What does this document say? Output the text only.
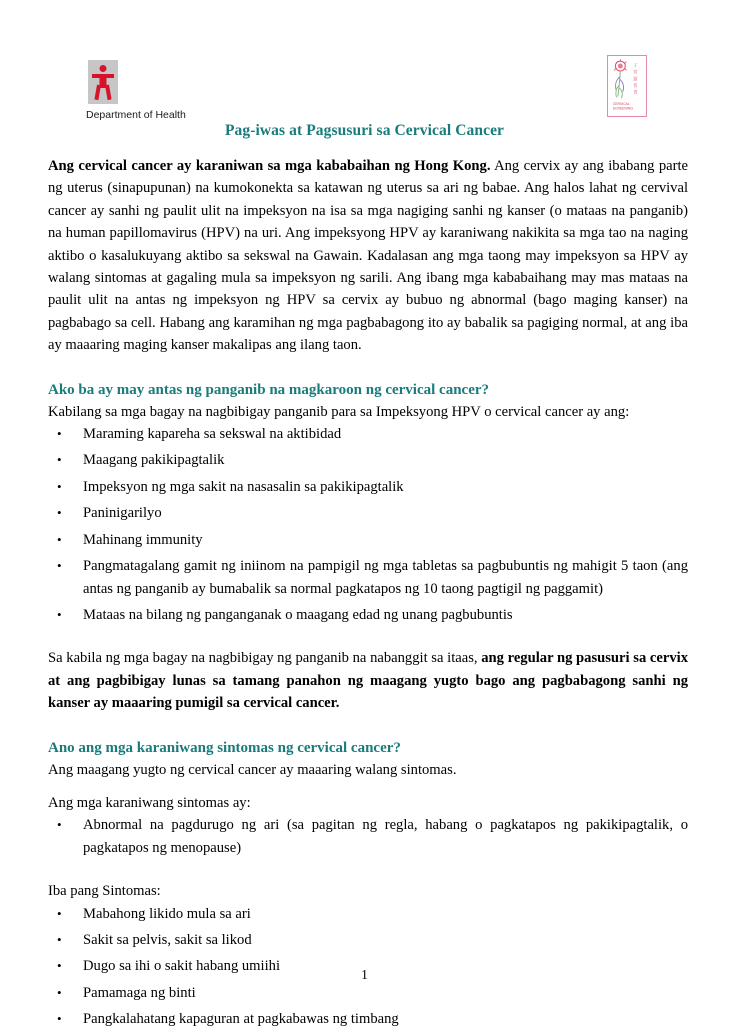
Department of Health
子
宮
頸
普
查
CERVICAL
SCREENING
Pag-iwas at Pagsusuri sa Cervical Cancer

Ang cervical cancer ay karaniwan sa mga kababaihan ng Hong Kong. Ang cervix ay ang ibabang parte ng uterus (sinapupunan) na kumokonekta sa katawan ng uterus sa ari ng babae. Ang halos lahat ng cervival cancer ay sanhi ng paulit ulit na impeksyon na isa sa mga nagiging sanhi ng kanser (o mataas na panganib) na human papillomavirus (HPV) na uri. Ang impeksyong HPV ay karaniwang nakikita sa mga tao na naging aktibo o kasalukuyang aktibo sa sekswal na Gawain. Kadalasan ang mga taong may impeksyon sa HPV ay walang sintomas at gagaling mula sa impeksyon ng sarili. Ang ibang mga kababaihang may mas mataas na paulit ulit na antas ng impeksyon ng HPV sa cervix ay bubuo ng abnormal (bago maging kanser) na pagbabago sa cell. Habang ang karamihan ng mga pagbabagong ito ay babalik sa pagiging normal, at ang iba ay maaaring maging kanser makalipas ang ilang taon.

Ako ba ay may antas ng panganib na magkaroon ng cervical cancer?

Kabilang sa mga bagay na nagbibigay panganib para sa Impeksyong HPV o cervical cancer ay ang:

• Maraming kapareha sa sekswal na aktibidad
• Maagang pakikipagtalik
• Impeksyon ng mga sakit na nasasalin sa pakikipagtalik
• Paninigarilyo
• Mahinang immunity
• Pangmatagalang gamit ng iniinom na pampigil ng mga tabletas sa pagbubuntis ng mahigit 5 taon (ang antas ng panganib ay bumabalik sa normal pagkatapos ng 10 taong pagtigil ng paggamit)
• Mataas na bilang ng panganganak o maagang edad ng unang pagbubuntis

Sa kabila ng mga bagay na nagbibigay ng panganib na nabanggit sa itaas, ang regular ng pasusuri sa cervix at ang pagbibigay lunas sa tamang panahon ng maagang yugto bago ang pagbabagong sanhi ng kanser ay maaaring pumigil sa cervical cancer.

Ano ang mga karaniwang sintomas ng cervical cancer?

Ang maagang yugto ng cervical cancer ay maaaring walang sintomas.

Ang mga karaniwang sintomas ay:

• Abnormal na pagdurugo ng ari (sa pagitan ng regla, habang o pagkatapos ng pakikipagtalik, o pagkatapos ng menopause)

Iba pang Sintomas:

• Mabahong likido mula sa ari
• Sakit sa pelvis, sakit sa likod
• Dugo sa ihi o sakit habang umiihi
• Pamamaga ng binti
• Pangkalahatang kapaguran at pagkabawas ng timbang
1
